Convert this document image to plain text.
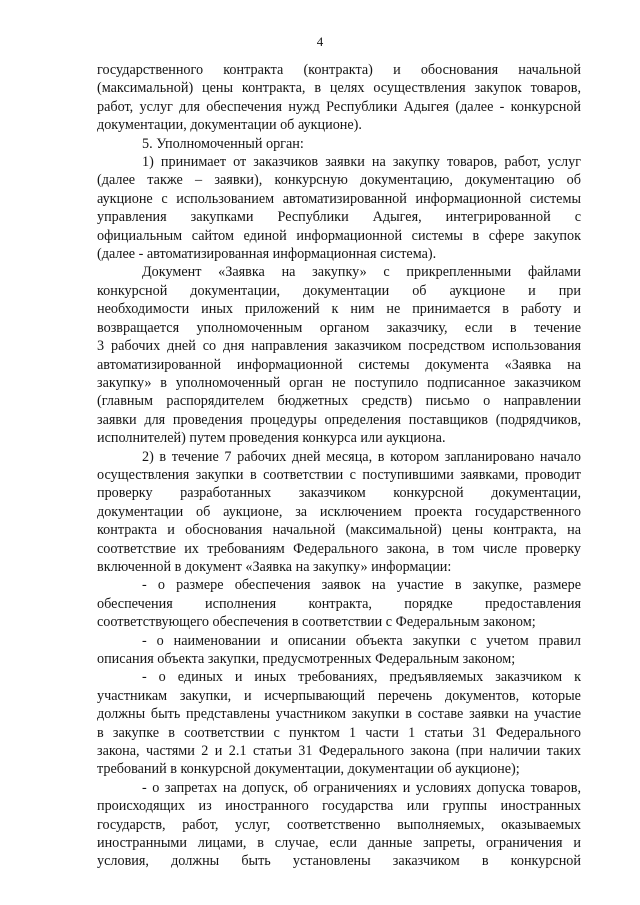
4

государственного контракта (контракта) и обоснования начальной

(максимальной) цены контракта, в целях осуществления закупок товаров,

работ, услуг для обеспечения нужд Республики Адыгея (далее - конкурсной

документации, документации об аукционе).

5. Уполномоченный орган:

1) принимает от заказчиков заявки на закупку товаров, работ, услуг

(далее также – заявки), конкурсную документацию, документацию об

аукционе с использованием автоматизированной информационной системы

управления закупками Республики Адыгея, интегрированной с

официальным сайтом единой информационной системы в сфере закупок

(далее - автоматизированная информационная система).

Документ «Заявка на закупку» с прикрепленными файлами

конкурсной документации, документации об аукционе и при

необходимости иных приложений к ним не принимается в работу и

возвращается уполномоченным органом заказчику, если в течение

3 рабочих дней со дня направления заказчиком посредством использования

автоматизированной информационной системы документа «Заявка на

закупку» в уполномоченный орган не поступило подписанное заказчиком

(главным распорядителем бюджетных средств) письмо о направлении

заявки для проведения процедуры определения поставщиков (подрядчиков,

исполнителей) путем проведения конкурса или аукциона.

2) в течение 7 рабочих дней месяца, в котором запланировано начало

осуществления закупки в соответствии с поступившими заявками, проводит

проверку разработанных заказчиком конкурсной документации,

документации об аукционе, за исключением проекта государственного

контракта и обоснования начальной (максимальной) цены контракта, на

соответствие их требованиям Федерального закона, в том числе проверку

включенной в документ «Заявка на закупку» информации:

- о размере обеспечения заявок на участие в закупке, размере

обеспечения исполнения контракта, порядке предоставления

соответствующего обеспечения в соответствии с Федеральным законом;

- о наименовании и описании объекта закупки с учетом правил

описания объекта закупки, предусмотренных Федеральным законом;

- о единых и иных требованиях, предъявляемых заказчиком к

участникам закупки, и исчерпывающий перечень документов, которые

должны быть представлены участником закупки в составе заявки на участие

в закупке в соответствии с пунктом 1 части 1 статьи 31 Федерального

закона, частями 2 и 2.1 статьи 31 Федерального закона (при наличии таких

требований в конкурсной документации, документации об аукционе);

- о запретах на допуск, об ограничениях и условиях допуска товаров,

происходящих из иностранного государства или группы иностранных

государств, работ, услуг, соответственно выполняемых, оказываемых

иностранными лицами, в случае, если данные запреты, ограничения и

условия, должны быть установлены заказчиком в конкурсной
